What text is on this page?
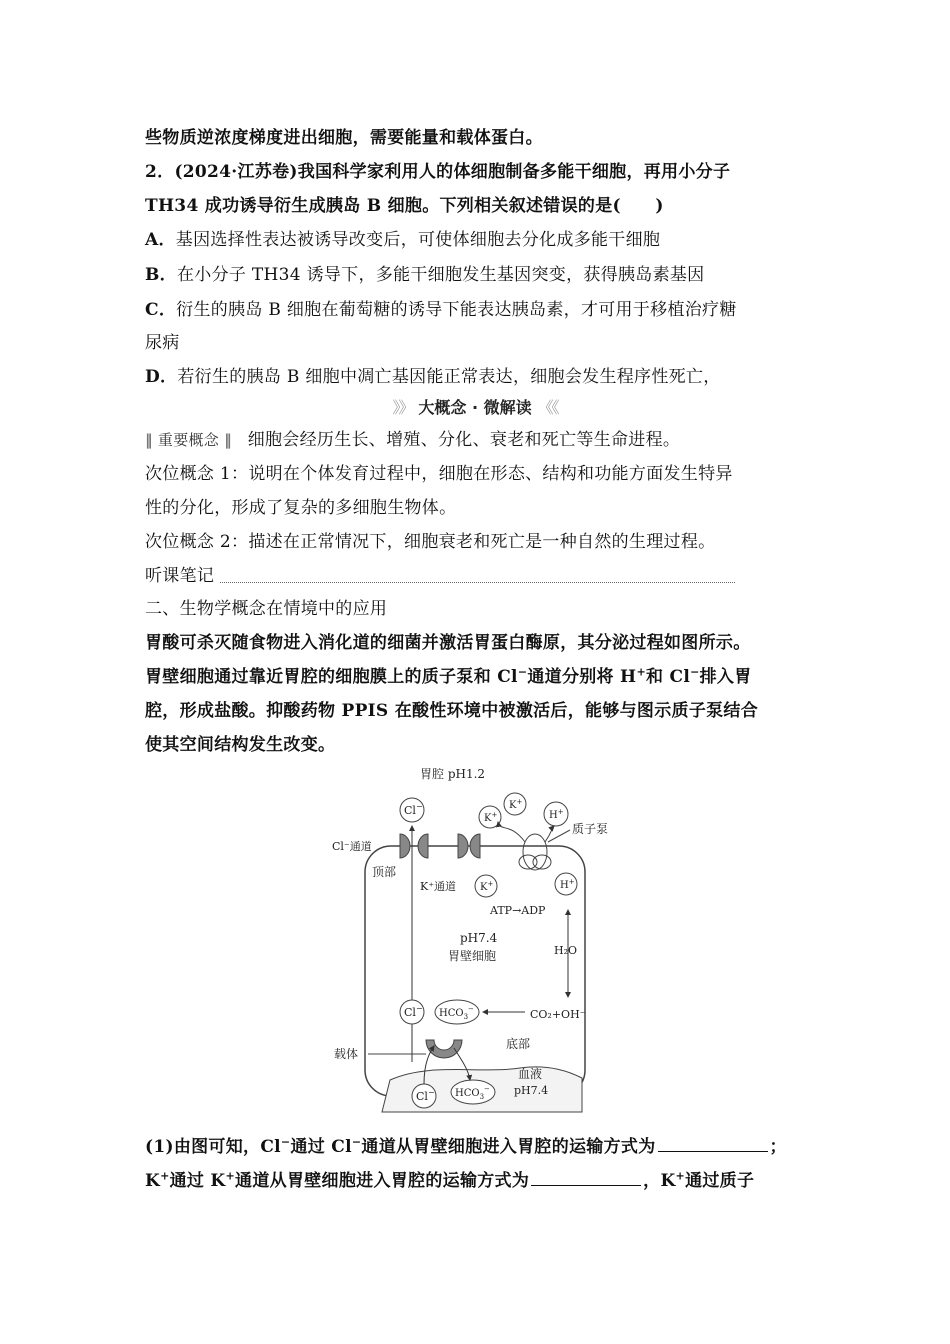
些物质逆浓度梯度进出细胞，需要能量和载体蛋白。
2．(2024·江苏卷)我国科学家利用人的体细胞制备多能干细胞，再用小分子
TH34 成功诱导衍生成胰岛 B 细胞。下列相关叙述错误的是(　　)
A．基因选择性表达被诱导改变后，可使体细胞去分化成多能干细胞
B．在小分子 TH34 诱导下，多能干细胞发生基因突变，获得胰岛素基因
C．衍生的胰岛 B 细胞在葡萄糖的诱导下能表达胰岛素，才可用于移植治疗糖
尿病
D．若衍生的胰岛 B 细胞中凋亡基因能正常表达，细胞会发生程序性死亡，
》》 大概念 · 微解读 《《
‖ 重要概念 ‖ 细胞会经历生长、增殖、分化、衰老和死亡等生命进程。
次位概念 1：说明在个体发育过程中，细胞在形态、结构和功能方面发生特异
性的分化，形成了复杂的多细胞生物体。
次位概念 2：描述在正常情况下，细胞衰老和死亡是一种自然的生理过程。
听课笔记
二、生物学概念在情境中的应用
胃酸可杀灭随食物进入消化道的细菌并激活胃蛋白酶原，其分泌过程如图所示。
胃壁细胞通过靠近胃腔的细胞膜上的质子泵和 Cl−通道分别将 H+和 Cl−排入胃
腔，形成盐酸。抑酸药物 PPIS 在酸性环境中被激活后，能够与图示质子泵结合
使其空间结构发生改变。
胃腔 pH1.2
血液
pH7.4
Cl−
Cl⁻通道
顶部
K+
K+
K+
K⁺通道
H+
H+
质子泵
ATP→ADP
H₂O
CO₂+OH⁻
pH7.4
胃壁细胞
Cl− $HCO_3^-$
底部
载体
Cl− $HCO_3^-$
(1)由图可知，Cl−通过 Cl−通道从胃壁细胞进入胃腔的运输方式为	；
K+通过 K+通道从胃壁细胞进入胃腔的运输方式为	，K+通过质子
